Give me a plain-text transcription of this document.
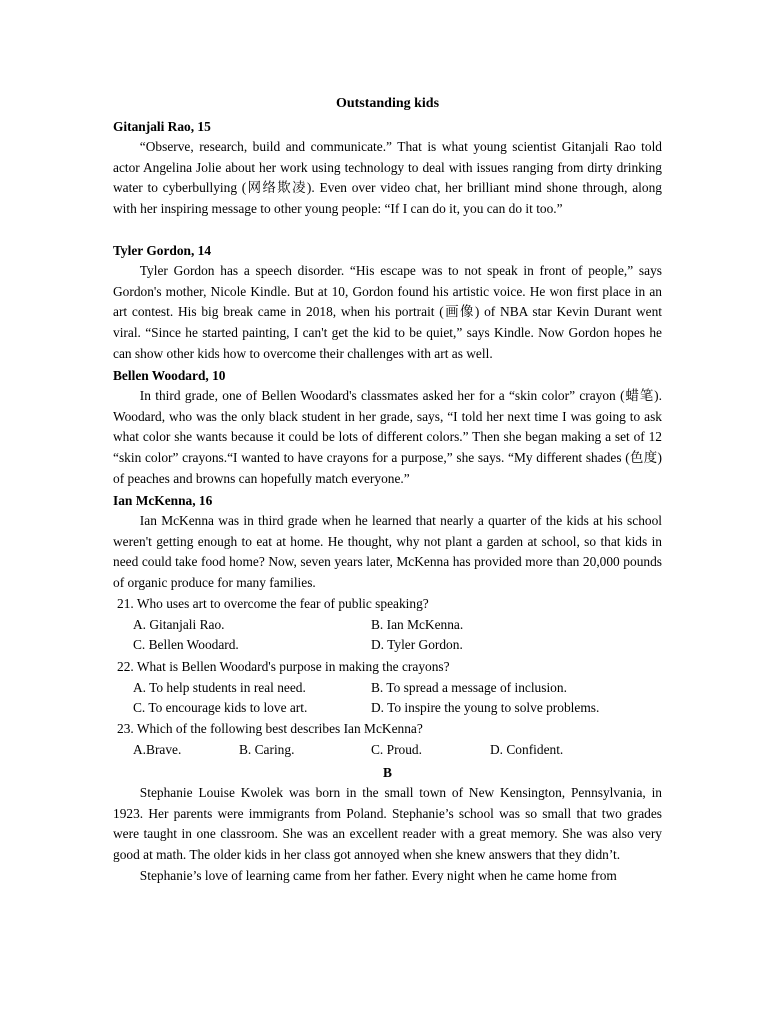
Outstanding kids
Gitanjali Rao, 15
“Observe, research, build and communicate.” That is what young scientist Gitanjali Rao told actor Angelina Jolie about her work using technology to deal with issues ranging from dirty drinking water to cyberbullying (网络欺凌). Even over video chat, her brilliant mind shone through, along with her inspiring message to other young people: “If I can do it, you can do it too.”
Tyler Gordon, 14
Tyler Gordon has a speech disorder. “His escape was to not speak in front of people,” says Gordon's mother, Nicole Kindle. But at 10, Gordon found his artistic voice. He won first place in an art contest. His big break came in 2018, when his portrait (画像) of NBA star Kevin Durant went viral. “Since he started painting, I can't get the kid to be quiet,” says Kindle. Now Gordon hopes he can show other kids how to overcome their challenges with art as well.
Bellen Woodard, 10
In third grade, one of Bellen Woodard's classmates asked her for a “skin color” crayon (蜡笔). Woodard, who was the only black student in her grade, says, “I told her next time I was going to ask what color she wants because it could be lots of different colors.” Then she began making a set of 12 “skin color” crayons.“I wanted to have crayons for a purpose,” she says. “My different shades (色度) of peaches and browns can hopefully match everyone.”
Ian McKenna, 16
Ian McKenna was in third grade when he learned that nearly a quarter of the kids at his school weren't getting enough to eat at home. He thought, why not plant a garden at school, so that kids in need could take food home? Now, seven years later, McKenna has provided more than 20,000 pounds of organic produce for many families.
21. Who uses art to overcome the fear of public speaking?
A. Gitanjali Rao.	B. Ian McKenna.
C. Bellen Woodard.	D. Tyler Gordon.
22. What is Bellen Woodard's purpose in making the crayons?
A. To help students in real need.	B. To spread a message of inclusion.
C. To encourage kids to love art.	D. To inspire the young to solve problems.
23. Which of the following best describes Ian McKenna?
A.Brave.	B. Caring.	C. Proud.	D. Confident.
B
Stephanie Louise Kwolek was born in the small town of New Kensington, Pennsylvania, in 1923. Her parents were immigrants from Poland. Stephanie’s school was so small that two grades were taught in one classroom. She was an excellent reader with a great memory. She was also very good at math. The older kids in her class got annoyed when she knew answers that they didn’t.
Stephanie’s love of learning came from her father. Every night when he came home from
